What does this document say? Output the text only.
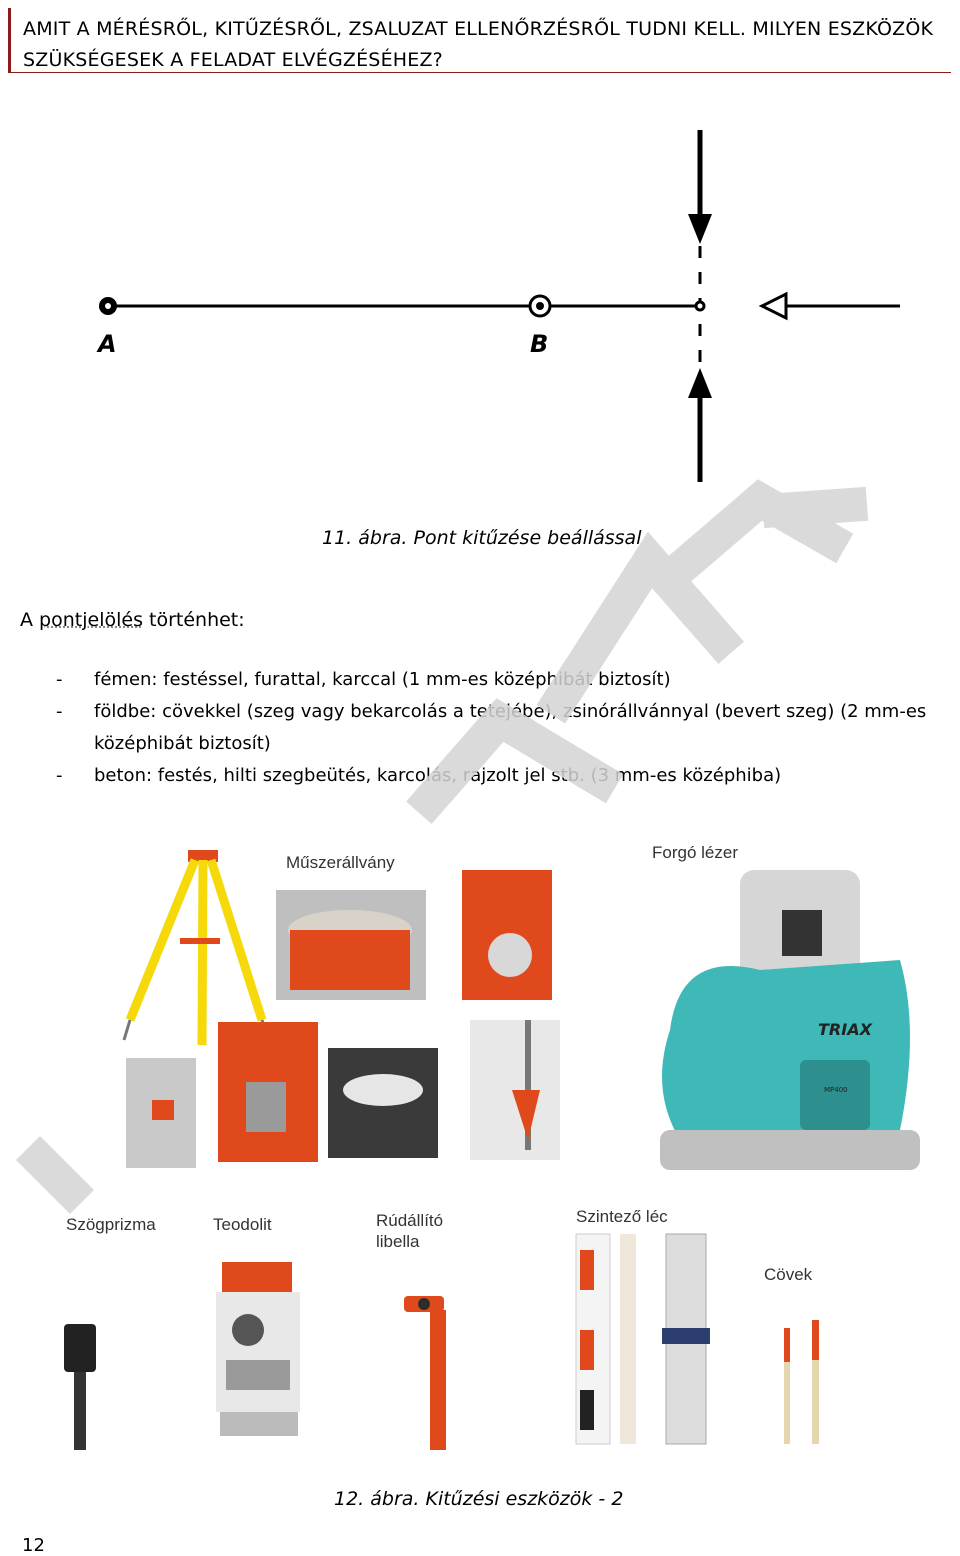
AMIT A MÉRÉSRŐL, KITŰZÉSRŐL, ZSALUZAT ELLENŐRZÉSRŐL TUDNI KELL. MILYEN ESZKÖZÖK
SZÜKSÉGESEK A FELADAT ELVÉGZÉSÉHEZ?
A	B
11. ábra. Pont kitűzése beállással
A pontjelölés történhet:
- fémen: festéssel, furattal, karccal (1 mm-es középhibát biztosít)
- földbe: cövekkel (szeg vagy bekarcolás a tetejébe), zsinórállvánnyal (bevert szeg) (2 mm-es középhibát biztosít)
- beton: festés, hilti szegbeütés, karcolás, rajzolt jel stb. (3 mm-es középhiba)
Műszerállvány
Forgó lézer
TRIAX
MP400
Szögprizma	Teodolit	Rúdállító
libella
Szintező léc
Cövek
12. ábra. Kitűzési eszközök - 2
12
